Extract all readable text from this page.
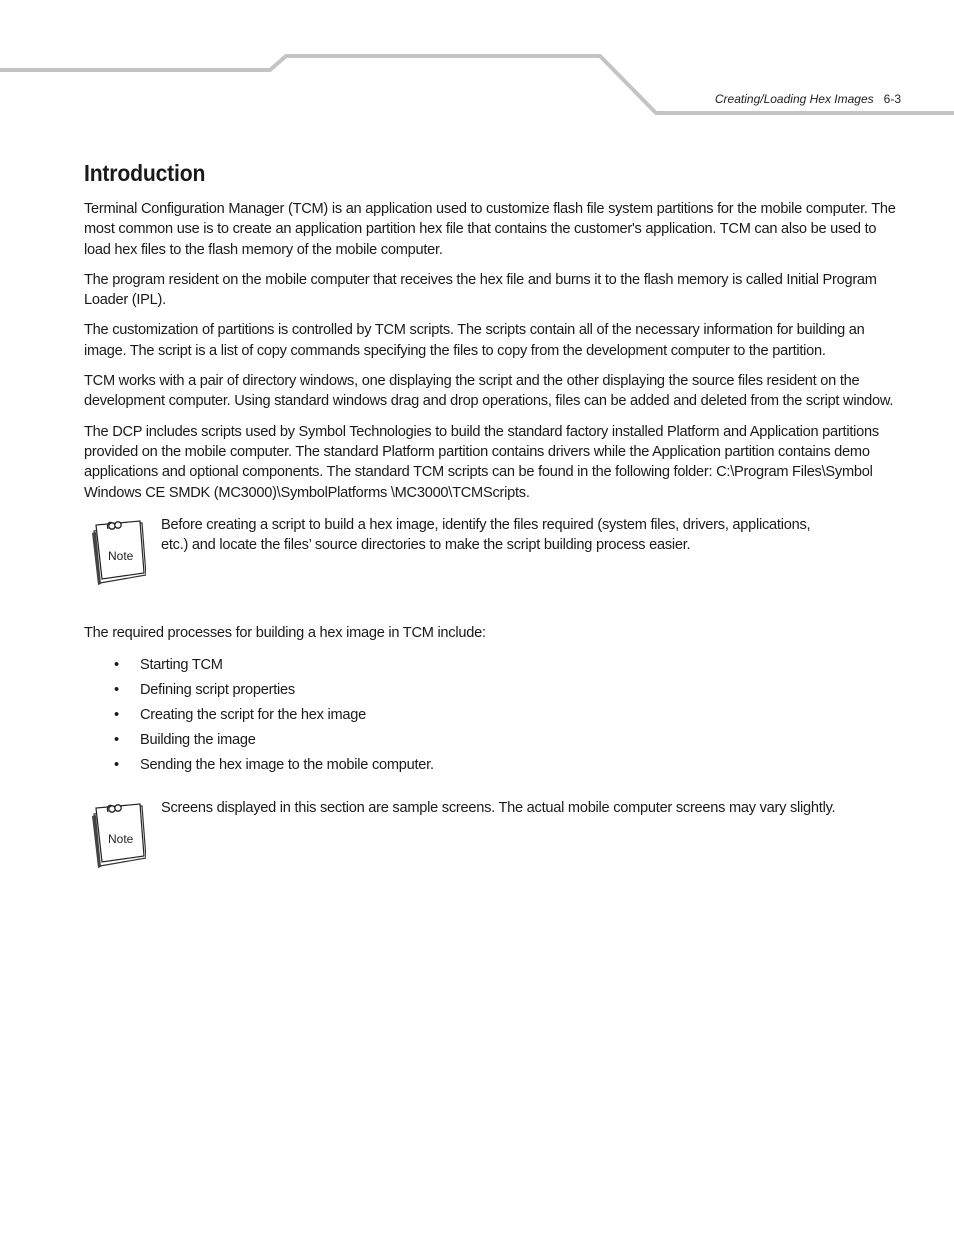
Creating/Loading Hex Images 6-3
Introduction

Terminal Configuration Manager (TCM) is an application used to customize flash file system partitions for the mobile computer. The most common use is to create an application partition hex file that contains the customer's application. TCM can also be used to load hex files to the flash memory of the mobile computer.

The program resident on the mobile computer that receives the hex file and burns it to the flash memory is called Initial Program Loader (IPL).

The customization of partitions is controlled by TCM scripts. The scripts contain all of the necessary information for building an image. The script is a list of copy commands specifying the files to copy from the development computer to the partition.

TCM works with a pair of directory windows, one displaying the script and the other displaying the source files resident on the development computer. Using standard windows drag and drop operations, files can be added and deleted from the script window.

The DCP includes scripts used by Symbol Technologies to build the standard factory installed Platform and Application partitions provided on the mobile computer. The standard Platform partition contains drivers while the Application partition contains demo applications and optional components. The standard TCM scripts can be found in the following folder: C:\Program Files\Symbol Windows CE SMDK (MC3000)\SymbolPlatforms \MC3000\TCMScripts.

Note
Before creating a script to build a hex image, identify the files required (system files, drivers, applications, etc.) and locate the files’ source directories to make the script building process easier.

The required processes for building a hex image in TCM include:

• Starting TCM
• Defining script properties
• Creating the script for the hex image
• Building the image
• Sending the hex image to the mobile computer.
Note
Screens displayed in this section are sample screens. The actual mobile computer screens may vary slightly.
